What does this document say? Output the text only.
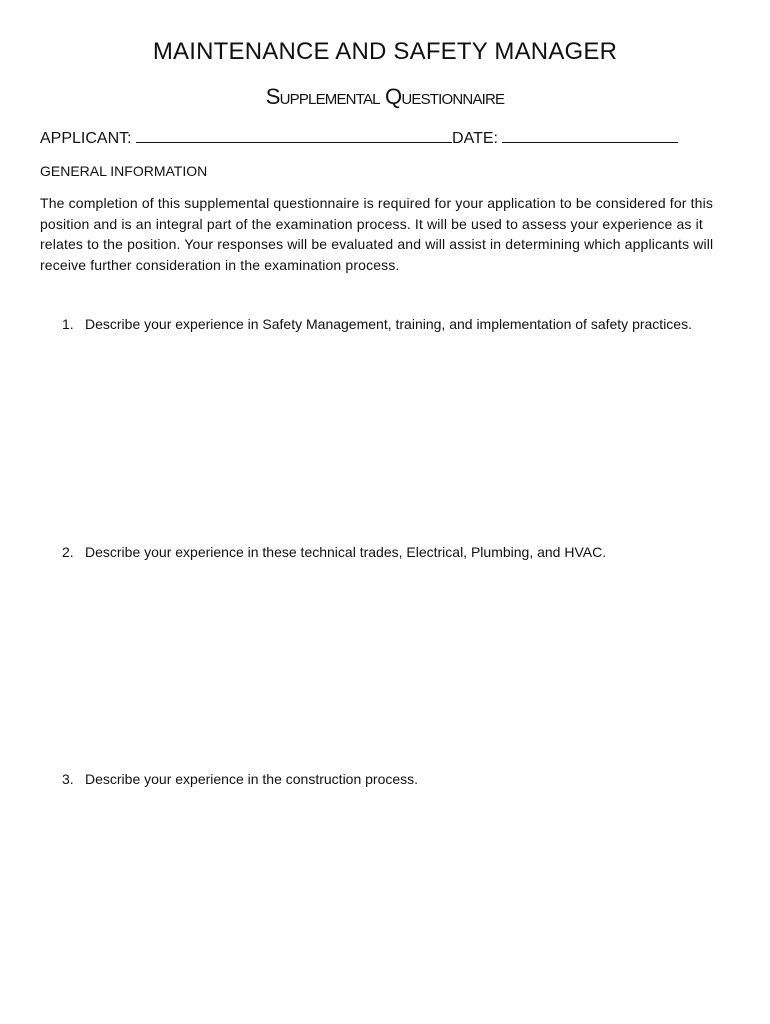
MAINTENANCE AND SAFETY MANAGER
Supplemental Questionnaire
APPLICANT:	DATE:
GENERAL INFORMATION

The completion of this supplemental questionnaire is required for your application to be considered for this position and is an integral part of the examination process. It will be used to assess your experience as it relates to the position. Your responses will be evaluated and will assist in determining which applicants will receive further consideration in the examination process.

1. Describe your experience in Safety Management, training, and implementation of safety practices.
2. Describe your experience in these technical trades, Electrical, Plumbing, and HVAC.
3. Describe your experience in the construction process.
